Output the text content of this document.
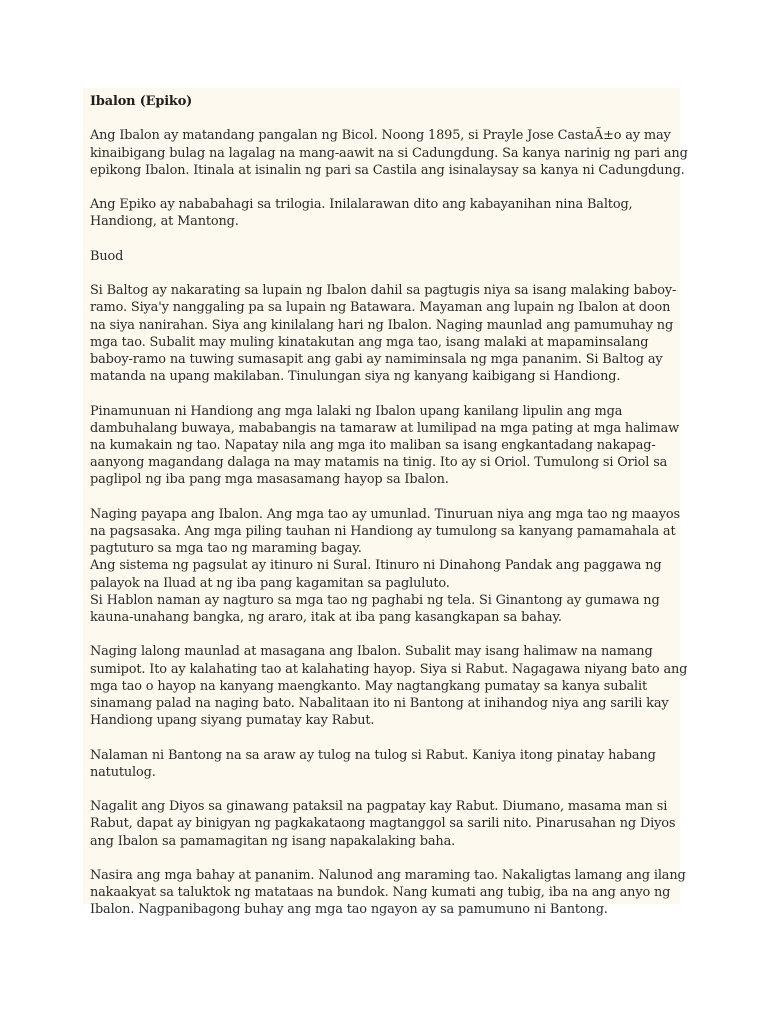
Ibalon (Epiko)
Ang Ibalon ay matandang pangalan ng Bicol. Noong 1895, si Prayle Jose CastaÃ±o ay may
kinaibigang bulag na lagalag na mang-aawit na si Cadungdung. Sa kanya narinig ng pari ang
epikong Ibalon. Itinala at isinalin ng pari sa Castila ang isinalaysay sa kanya ni Cadungdung.
Ang Epiko ay nababahagi sa trilogia. Inilalarawan dito ang kabayanihan nina Baltog,
Handiong, at Mantong.
Buod
Si Baltog ay nakarating sa lupain ng Ibalon dahil sa pagtugis niya sa isang malaking baboy-
ramo. Siya'y nanggaling pa sa lupain ng Batawara. Mayaman ang lupain ng Ibalon at doon
na siya nanirahan. Siya ang kinilalang hari ng Ibalon. Naging maunlad ang pamumuhay ng
mga tao. Subalit may muling kinatakutan ang mga tao, isang malaki at mapaminsalang
baboy-ramo na tuwing sumasapit ang gabi ay namiminsala ng mga pananim. Si Baltog ay
matanda na upang makilaban. Tinulungan siya ng kanyang kaibigang si Handiong.
Pinamunuan ni Handiong ang mga lalaki ng Ibalon upang kanilang lipulin ang mga
dambuhalang buwaya, mababangis na tamaraw at lumilipad na mga pating at mga halimaw
na kumakain ng tao. Napatay nila ang mga ito maliban sa isang engkantadang nakapag-
aanyong magandang dalaga na may matamis na tinig. Ito ay si Oriol. Tumulong si Oriol sa
paglipol ng iba pang mga masasamang hayop sa Ibalon.
Naging payapa ang Ibalon. Ang mga tao ay umunlad. Tinuruan niya ang mga tao ng maayos
na pagsasaka. Ang mga piling tauhan ni Handiong ay tumulong sa kanyang pamamahala at
pagtuturo sa mga tao ng maraming bagay.
Ang sistema ng pagsulat ay itinuro ni Sural. Itinuro ni Dinahong Pandak ang paggawa ng
palayok na Iluad at ng iba pang kagamitan sa pagluluto.
Si Hablon naman ay nagturo sa mga tao ng paghabi ng tela. Si Ginantong ay gumawa ng
kauna-unahang bangka, ng araro, itak at iba pang kasangkapan sa bahay.
Naging lalong maunlad at masagana ang Ibalon. Subalit may isang halimaw na namang
sumipot. Ito ay kalahating tao at kalahating hayop. Siya si Rabut. Nagagawa niyang bato ang
mga tao o hayop na kanyang maengkanto. May nagtangkang pumatay sa kanya subalit
sinamang palad na naging bato. Nabalitaan ito ni Bantong at inihandog niya ang sarili kay
Handiong upang siyang pumatay kay Rabut.
Nalaman ni Bantong na sa araw ay tulog na tulog si Rabut. Kaniya itong pinatay habang
natutulog.
Nagalit ang Diyos sa ginawang pataksil na pagpatay kay Rabut. Diumano, masama man si
Rabut, dapat ay binigyan ng pagkakataong magtanggol sa sarili nito. Pinarusahan ng Diyos
ang Ibalon sa pamamagitan ng isang napakalaking baha.
Nasira ang mga bahay at pananim. Nalunod ang maraming tao. Nakaligtas lamang ang ilang
nakaakyat sa taluktok ng matataas na bundok. Nang kumati ang tubig, iba na ang anyo ng
Ibalon. Nagpanibagong buhay ang mga tao ngayon ay sa pamumuno ni Bantong.
